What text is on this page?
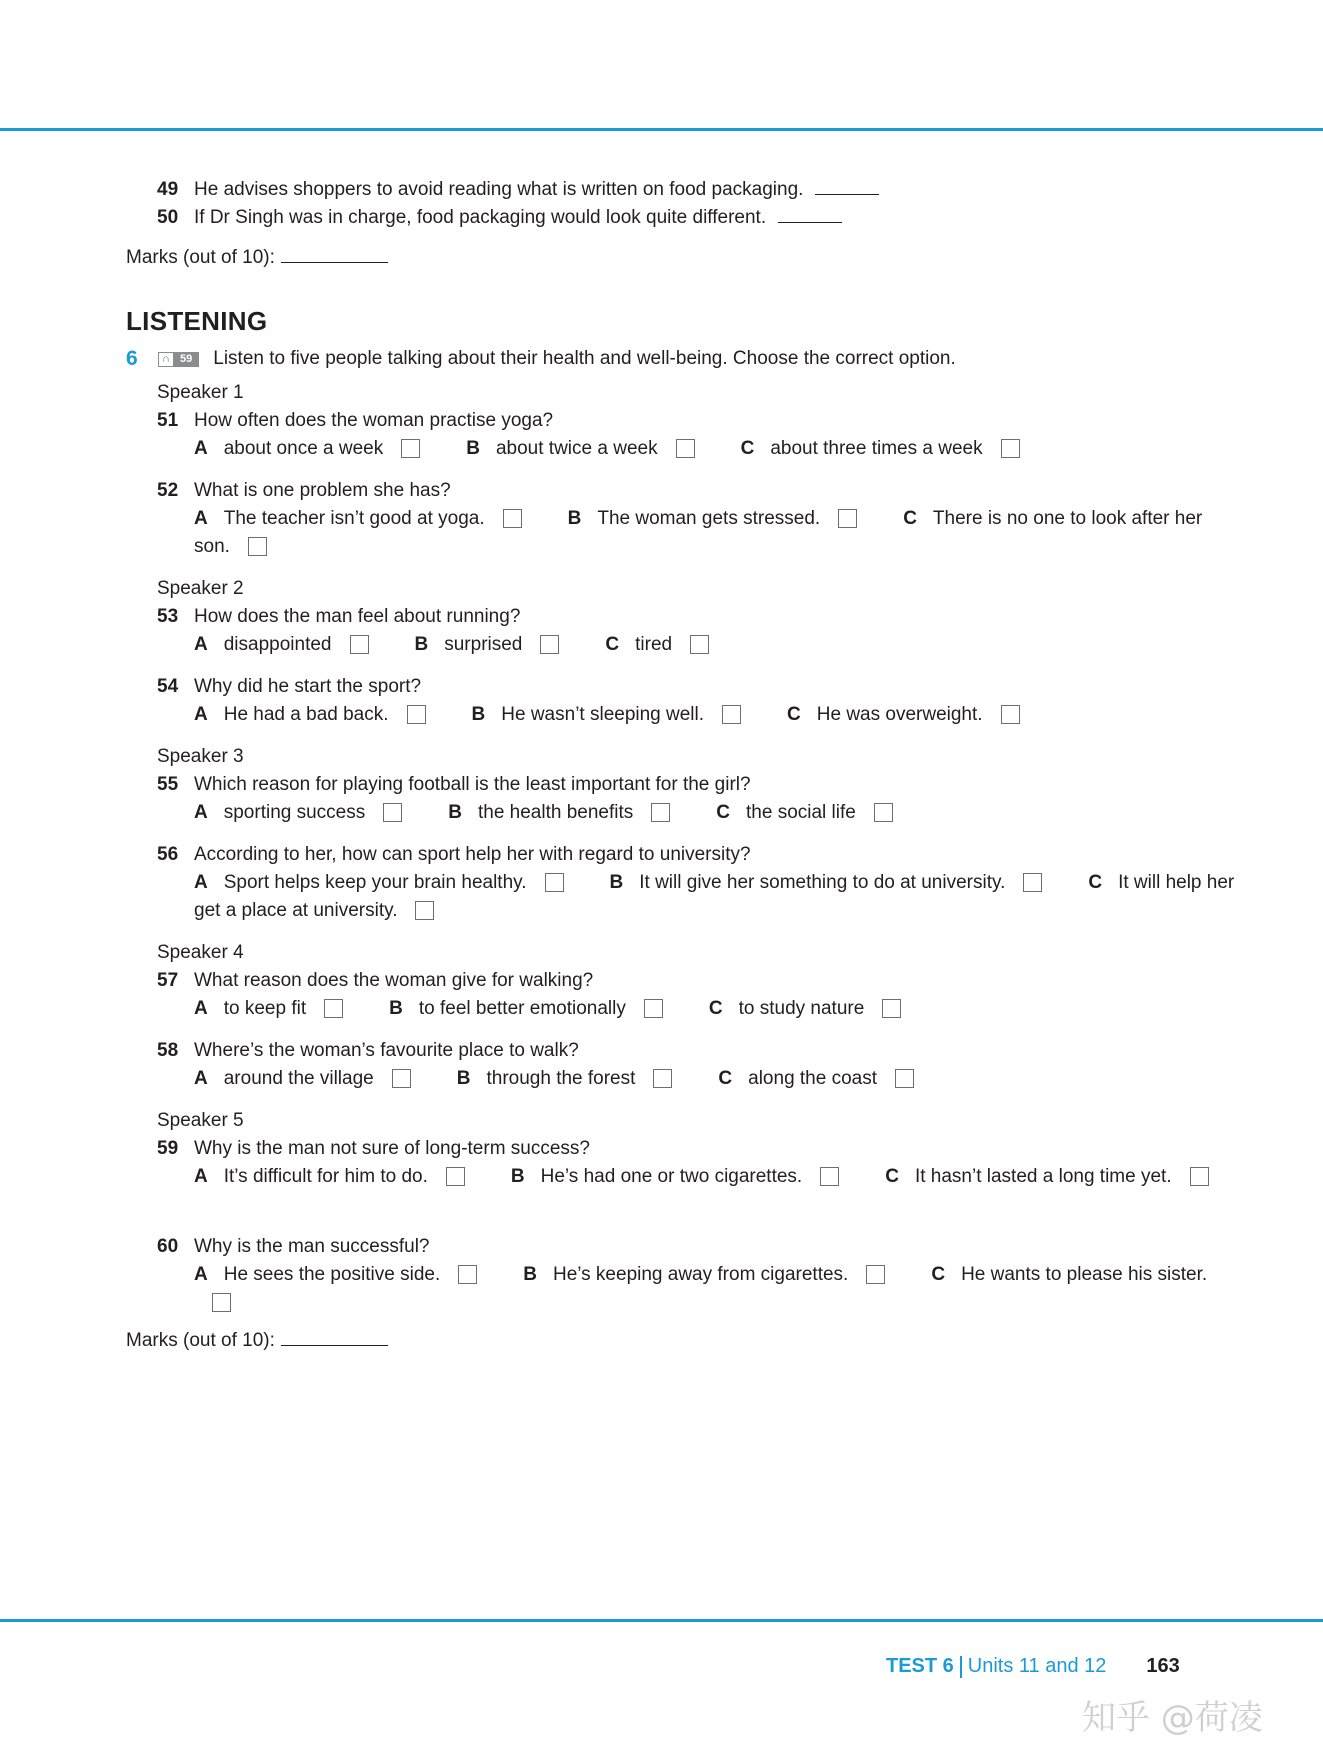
49 He advises shoppers to avoid reading what is written on food packaging.
50 If Dr Singh was in charge, food packaging would look quite different.
Marks (out of 10):
LISTENING
6	∩ 59	Listen to five people talking about their health and well-being. Choose the correct option.
Speaker 1
51 How often does the woman practise yoga?
A about once a week	B about twice a week	C about three times a week
52 What is one problem she has?
A The teacher isn’t good at yoga.	B The woman gets stressed.	C There is no one to look after her son.
Speaker 2
53 How does the man feel about running?
A disappointed	B surprised	C tired
54 Why did he start the sport?
A He had a bad back.	B He wasn’t sleeping well.	C He was overweight.
Speaker 3
55 Which reason for playing football is the least important for the girl?
A sporting success	B the health benefits	C the social life
56 According to her, how can sport help her with regard to university?
A Sport helps keep your brain healthy.	B It will give her something to do at university.	C It will help her get a place at university.
Speaker 4
57 What reason does the woman give for walking?
A to keep fit	B to feel better emotionally	C to study nature
58 Where’s the woman’s favourite place to walk?
A around the village	B through the forest	C along the coast
Speaker 5
59 Why is the man not sure of long-term success?
A It’s difficult for him to do.	B He’s had one or two cigarettes.	C It hasn’t lasted a long time yet.
60 Why is the man successful?
A He sees the positive side.	B He’s keeping away from cigarettes.	C He wants to please his sister.
Marks (out of 10):
TEST 6 Units 11 and 12 163
知乎 @荷凌
